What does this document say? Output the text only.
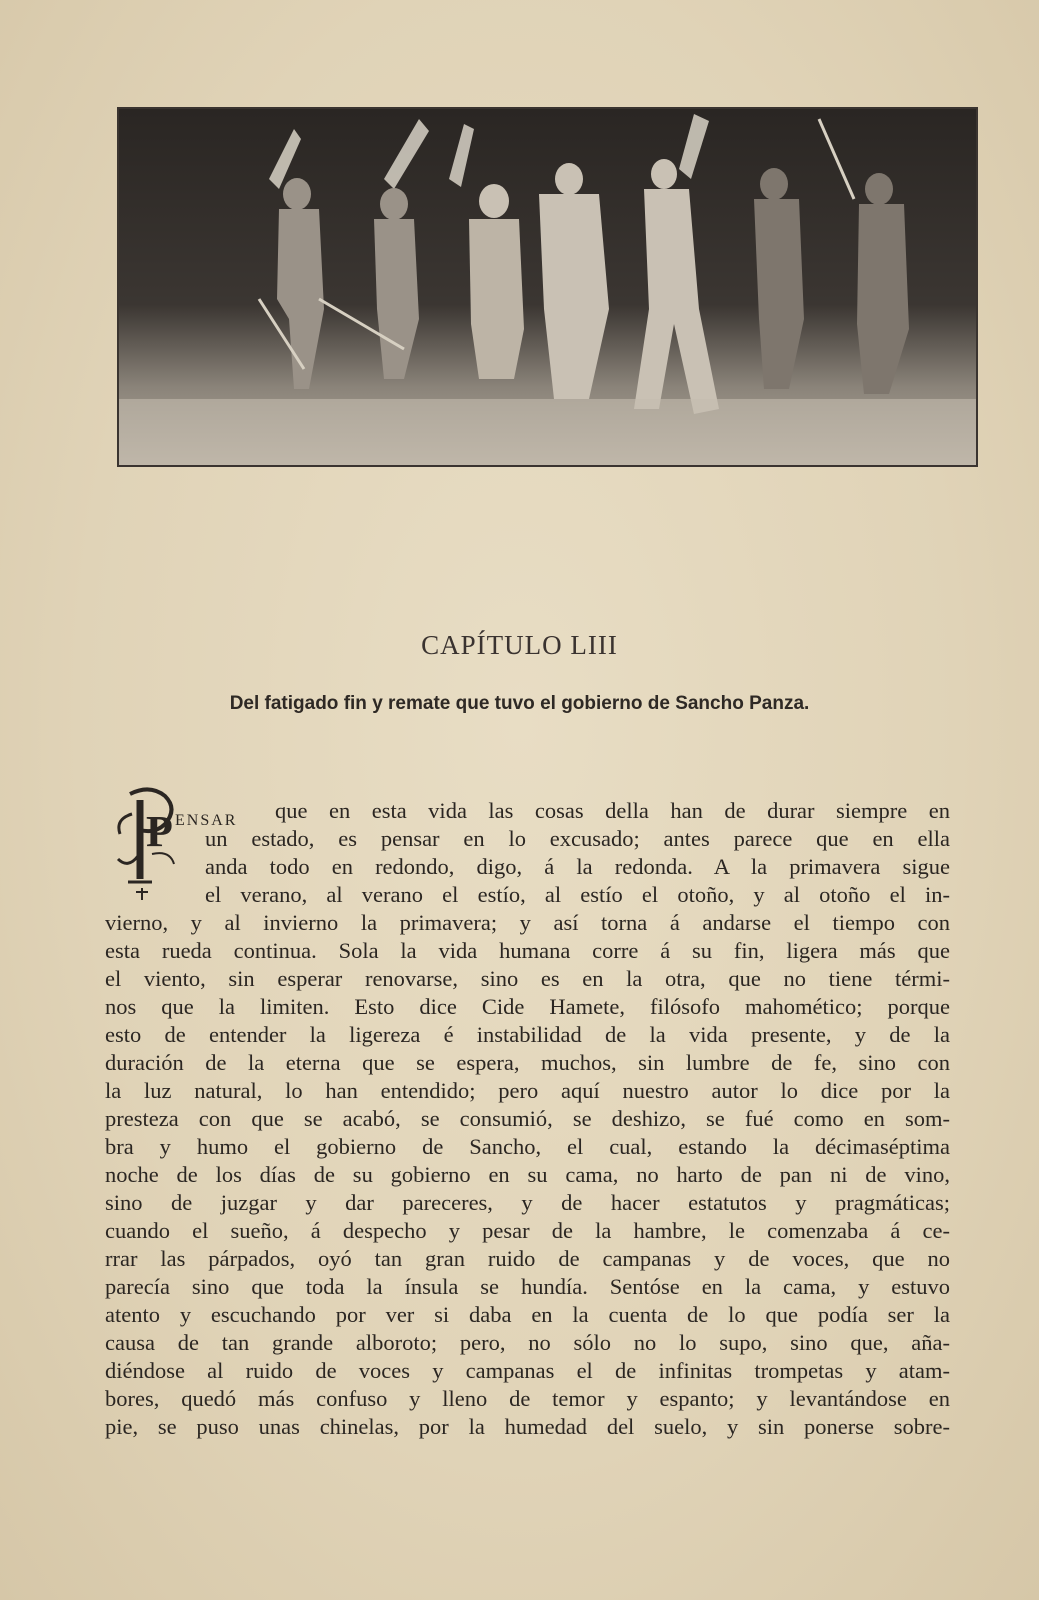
CAPÍTULO LIII
Del fatigado fin y remate que tuvo el gobierno de Sancho Panza.
P ENSAR que en esta vida las cosas della han de durar siempre en
un estado, es pensar en lo excusado; antes parece que en ella
anda todo en redondo, digo, á la redonda. A la primavera sigue
el verano, al verano el estío, al estío el otoño, y al otoño el in-
vierno, y al invierno la primavera; y así torna á andarse el tiempo con
esta rueda continua. Sola la vida humana corre á su fin, ligera más que
el viento, sin esperar renovarse, sino es en la otra, que no tiene térmi-
nos que la limiten. Esto dice Cide Hamete, filósofo mahomético; porque
esto de entender la ligereza é instabilidad de la vida presente, y de la
duración de la eterna que se espera, muchos, sin lumbre de fe, sino con
la luz natural, lo han entendido; pero aquí nuestro autor lo dice por la
presteza con que se acabó, se consumió, se deshizo, se fué como en som-
bra y humo el gobierno de Sancho, el cual, estando la décimaséptima
noche de los días de su gobierno en su cama, no harto de pan ni de vino,
sino de juzgar y dar pareceres, y de hacer estatutos y pragmáticas;
cuando el sueño, á despecho y pesar de la hambre, le comenzaba á ce-
rrar las párpados, oyó tan gran ruido de campanas y de voces, que no
parecía sino que toda la ínsula se hundía. Sentóse en la cama, y estuvo
atento y escuchando por ver si daba en la cuenta de lo que podía ser la
causa de tan grande alboroto; pero, no sólo no lo supo, sino que, aña-
diéndose al ruido de voces y campanas el de infinitas trompetas y atam-
bores, quedó más confuso y lleno de temor y espanto; y levantándose en
pie, se puso unas chinelas, por la humedad del suelo, y sin ponerse sobre-
